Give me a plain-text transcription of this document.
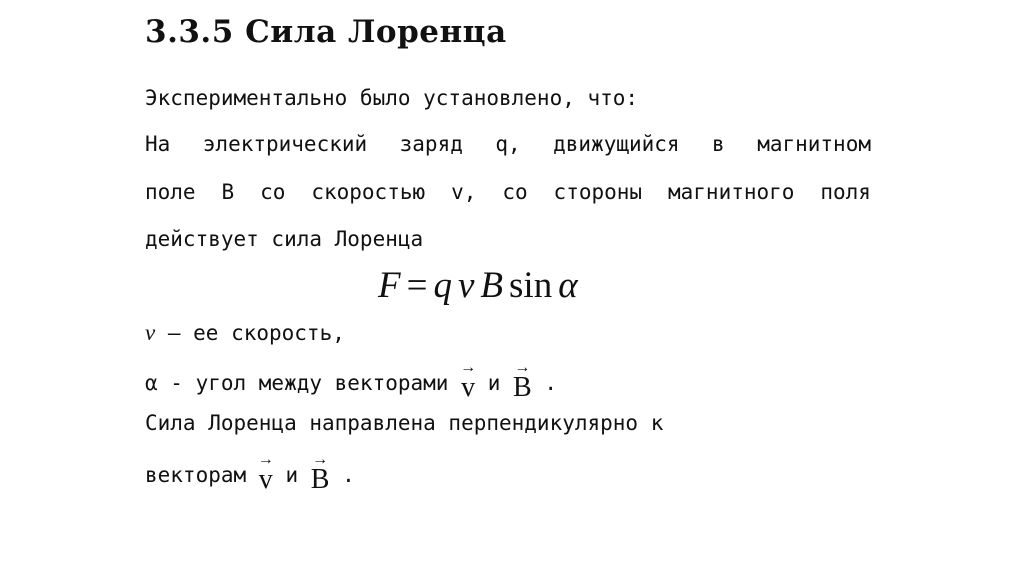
3.3.5 Сила Лоренца
Экспериментально было установлено, что:
На электрический заряд q, движущийся в магнитном
поле В со скоростью v, со стороны магнитного поля
действует сила Лоренца
F = q v B sin α
v – ее скорость,
α - угол между векторами
→
v и
→
B .
Сила Лоренца направлена перпендикулярно к
векторам
→
v и
→
B .
